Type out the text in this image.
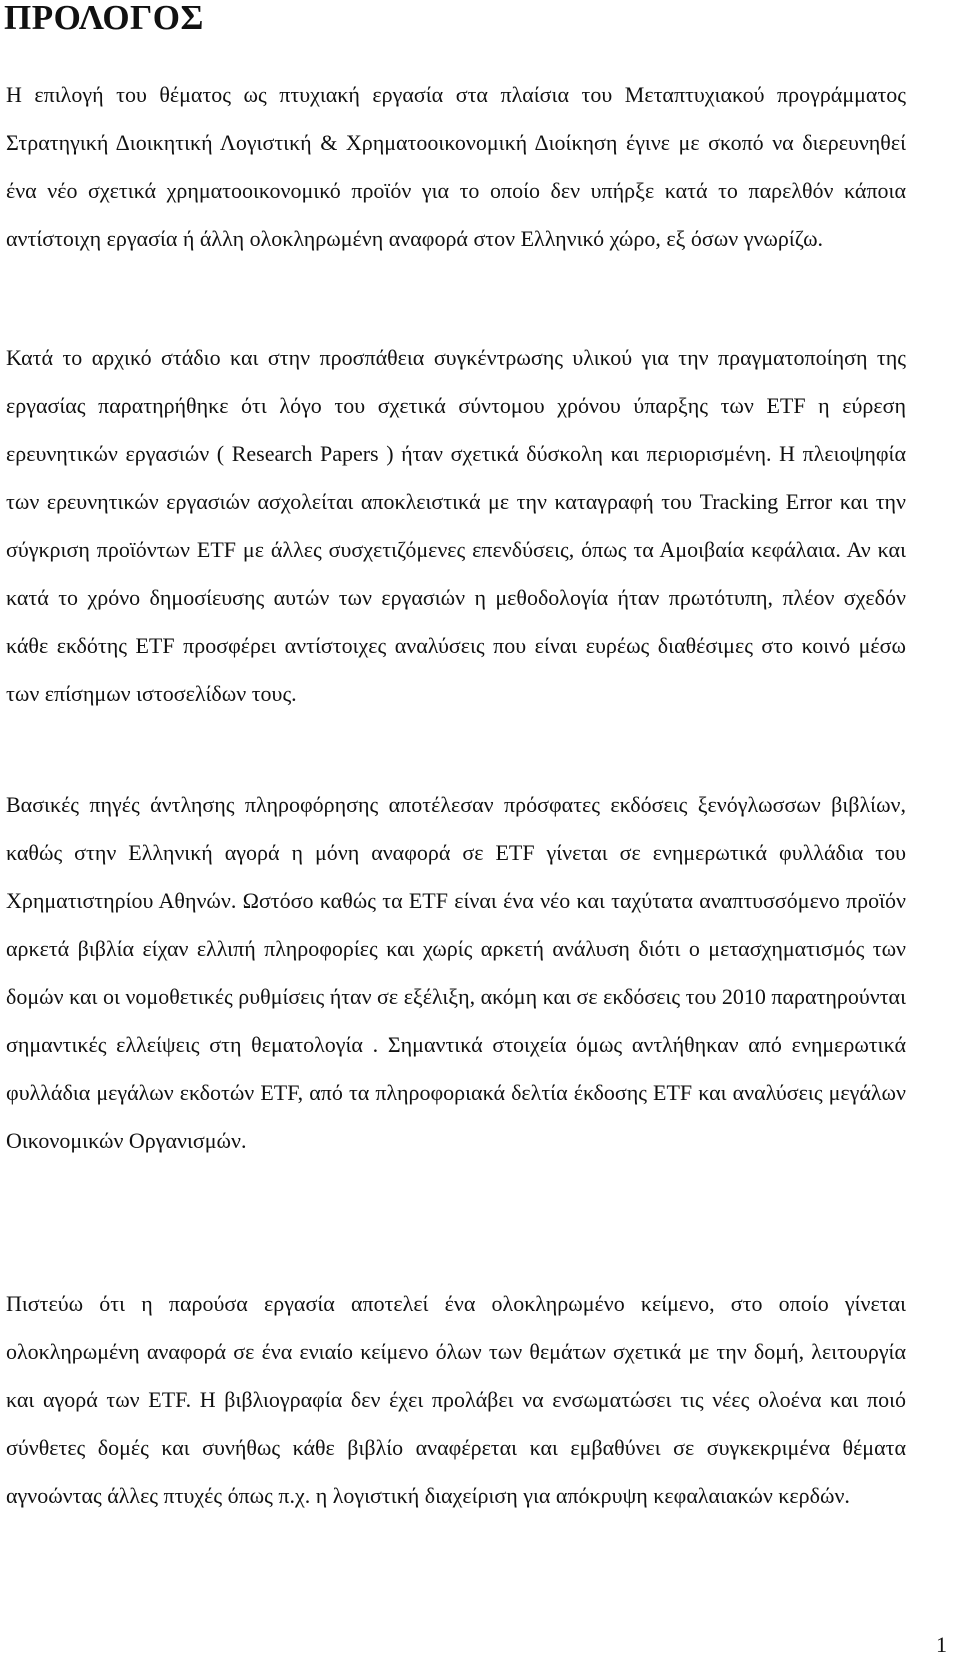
ΠΡΟΛΟΓΟΣ

Η επιλογή του θέματος ως πτυχιακή εργασία στα πλαίσια του Μεταπτυχιακού προγράμματος Στρατηγική Διοικητική Λογιστική & Χρηματοοικονομική Διοίκηση έγινε με σκοπό να διερευνηθεί ένα νέο σχετικά χρηματοοικονομικό προϊόν για το οποίο δεν υπήρξε κατά το παρελθόν κάποια αντίστοιχη εργασία ή άλλη ολοκληρωμένη αναφορά στον Ελληνικό χώρο, εξ όσων γνωρίζω.

Κατά το αρχικό στάδιο και στην προσπάθεια συγκέντρωσης υλικού για την πραγματοποίηση της εργασίας παρατηρήθηκε ότι λόγο του σχετικά σύντομου χρόνου ύπαρξης των ETF η εύρεση ερευνητικών εργασιών ( Research Papers ) ήταν σχετικά δύσκολη και περιορισμένη. Η πλειοψηφία των ερευνητικών εργασιών ασχολείται αποκλειστικά με την καταγραφή του Tracking Error και την σύγκριση προϊόντων ETF με άλλες συσχετιζόμενες επενδύσεις, όπως τα Αμοιβαία κεφάλαια. Αν και κατά το χρόνο δημοσίευσης αυτών των εργασιών η μεθοδολογία ήταν πρωτότυπη, πλέον σχεδόν κάθε εκδότης ETF προσφέρει αντίστοιχες αναλύσεις που είναι ευρέως διαθέσιμες στο κοινό μέσω των επίσημων ιστοσελίδων τους.

Βασικές πηγές άντλησης πληροφόρησης αποτέλεσαν πρόσφατες εκδόσεις ξενόγλωσσων βιβλίων, καθώς στην Ελληνική αγορά η μόνη αναφορά σε ETF γίνεται σε ενημερωτικά φυλλάδια του Χρηματιστηρίου Αθηνών. Ωστόσο καθώς τα ETF είναι ένα νέο και ταχύτατα αναπτυσσόμενο προϊόν αρκετά βιβλία είχαν ελλιπή πληροφορίες και χωρίς αρκετή ανάλυση διότι ο μετασχηματισμός των δομών και οι νομοθετικές ρυθμίσεις ήταν σε εξέλιξη, ακόμη και σε εκδόσεις του 2010 παρατηρούνται σημαντικές ελλείψεις στη θεματολογία . Σημαντικά στοιχεία όμως αντλήθηκαν από ενημερωτικά φυλλάδια μεγάλων εκδοτών ETF, από τα πληροφοριακά δελτία έκδοσης ETF και αναλύσεις μεγάλων Οικονομικών Οργανισμών.

Πιστεύω ότι η παρούσα εργασία αποτελεί ένα ολοκληρωμένο κείμενο, στο οποίο γίνεται ολοκληρωμένη αναφορά σε ένα ενιαίο κείμενο όλων των θεμάτων σχετικά με την δομή, λειτουργία και αγορά των ETF. Η βιβλιογραφία δεν έχει προλάβει να ενσωματώσει τις νέες ολοένα και ποιό σύνθετες δομές και συνήθως κάθε βιβλίο αναφέρεται και εμβαθύνει σε συγκεκριμένα θέματα αγνοώντας άλλες πτυχές όπως π.χ. η λογιστική διαχείριση για απόκρυψη κεφαλαιακών κερδών.

1
